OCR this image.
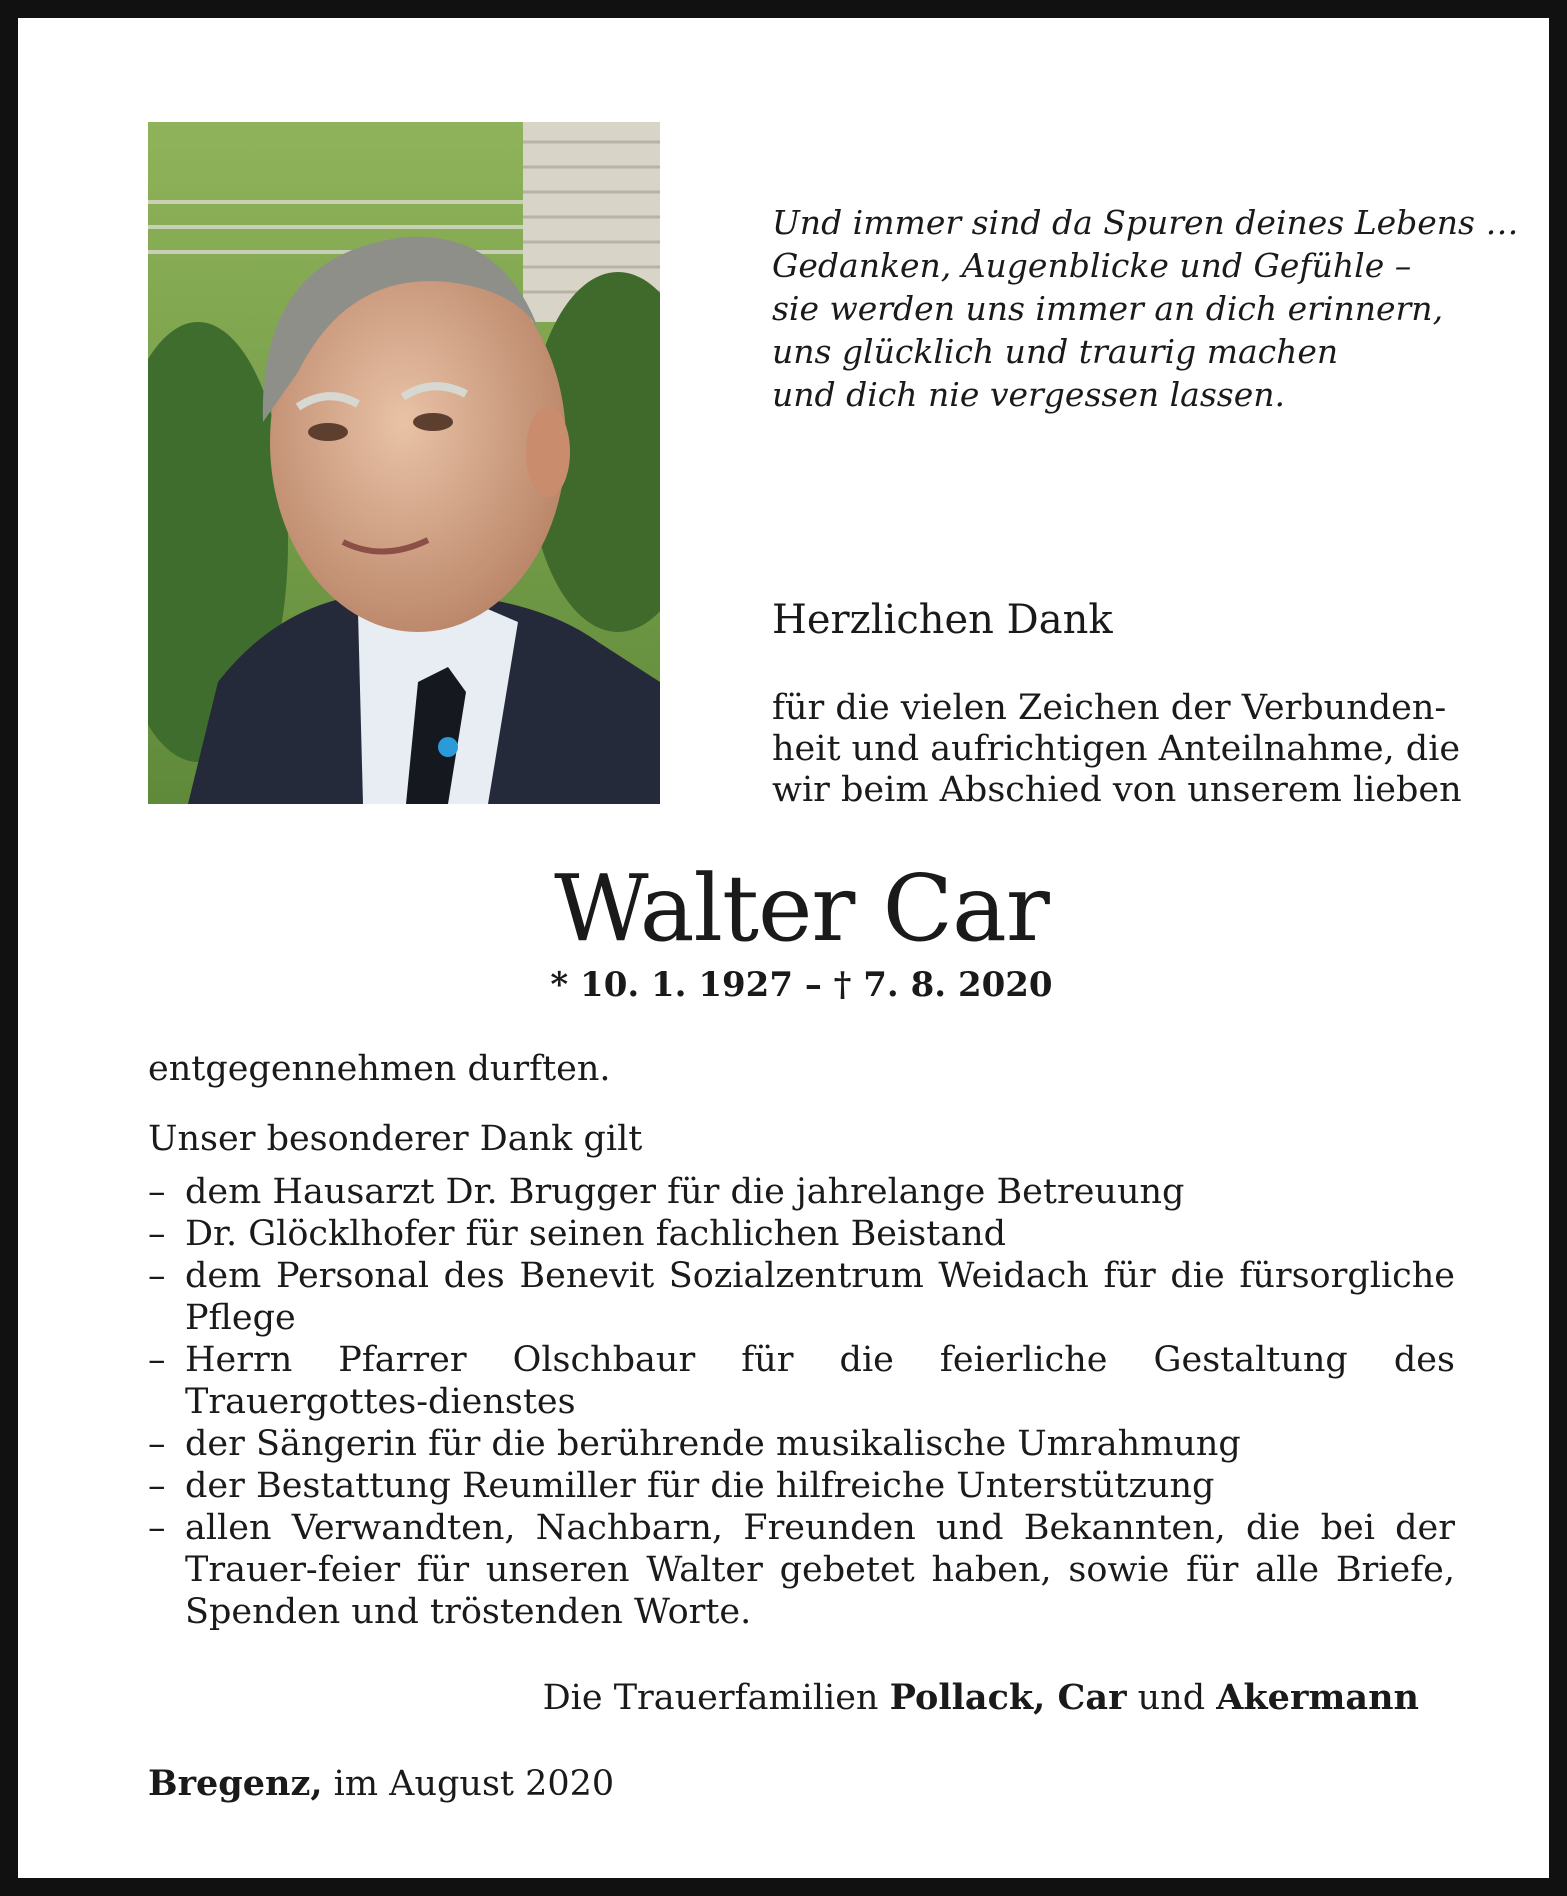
Und immer sind da Spuren deines Lebens …
Gedanken, Augenblicke und Gefühle –
sie werden uns immer an dich erinnern,
uns glücklich und traurig machen
und dich nie vergessen lassen.
Herzlichen Dank
für die vielen Zeichen der Verbunden-
heit und aufrichtigen Anteilnahme, die
wir beim Abschied von unserem lieben
Walter Car
* 10. 1. 1927 – † 7. 8. 2020
entgegennehmen durften.
Unser besonderer Dank gilt
– dem Hausarzt Dr. Brugger für die jahrelange Betreuung
– Dr. Glöcklhofer für seinen fachlichen Beistand
– dem Personal des Benevit Sozialzentrum Weidach für die fürsorgliche Pflege
– Herrn Pfarrer Olschbaur für die feierliche Gestaltung des Trauergottes-dienstes
– der Sängerin für die berührende musikalische Umrahmung
– der Bestattung Reumiller für die hilfreiche Unterstützung
– allen Verwandten, Nachbarn, Freunden und Bekannten, die bei der Trauer-feier für unseren Walter gebetet haben, sowie für alle Briefe, Spenden und tröstenden Worte.
Die Trauerfamilien Pollack, Car und Akermann
Bregenz, im August 2020
